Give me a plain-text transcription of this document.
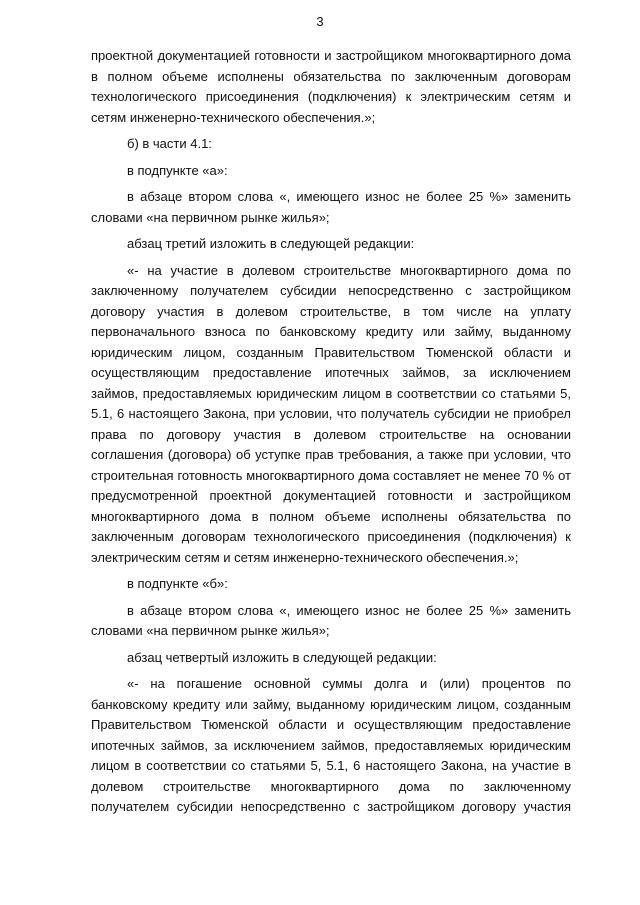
3

проектной документацией готовности и застройщиком многоквартирного дома в полном объеме исполнены обязательства по заключенным договорам технологического присоединения (подключения) к электрическим сетям и сетям инженерно-технического обеспечения.»;

б) в части 4.1:

в подпункте «а»:

в абзаце втором слова «, имеющего износ не более 25 %» заменить словами «на первичном рынке жилья»;

абзац третий изложить в следующей редакции:

«- на участие в долевом строительстве многоквартирного дома по заключенному получателем субсидии непосредственно с застройщиком договору участия в долевом строительстве, в том числе на уплату первоначального взноса по банковскому кредиту или займу, выданному юридическим лицом, созданным Правительством Тюменской области и осуществляющим предоставление ипотечных займов, за исключением займов, предоставляемых юридическим лицом в соответствии со статьями 5, 5.1, 6 настоящего Закона, при условии, что получатель субсидии не приобрел права по договору участия в долевом строительстве на основании соглашения (договора) об уступке прав требования, а также при условии, что строительная готовность многоквартирного дома составляет не менее 70 % от предусмотренной проектной документацией готовности и застройщиком многоквартирного дома в полном объеме исполнены обязательства по заключенным договорам технологического присоединения (подключения) к электрическим сетям и сетям инженерно-технического обеспечения.»;

в подпункте «б»:

в абзаце втором слова «, имеющего износ не более 25 %» заменить словами «на первичном рынке жилья»;

абзац четвертый изложить в следующей редакции:

«- на погашение основной суммы долга и (или) процентов по банковскому кредиту или займу, выданному юридическим лицом, созданным Правительством Тюменской области и осуществляющим предоставление ипотечных займов, за исключением займов, предоставляемых юридическим лицом в соответствии со статьями 5, 5.1, 6 настоящего Закона, на участие в долевом строительстве многоквартирного дома по заключенному получателем субсидии непосредственно с застройщиком договору участия
